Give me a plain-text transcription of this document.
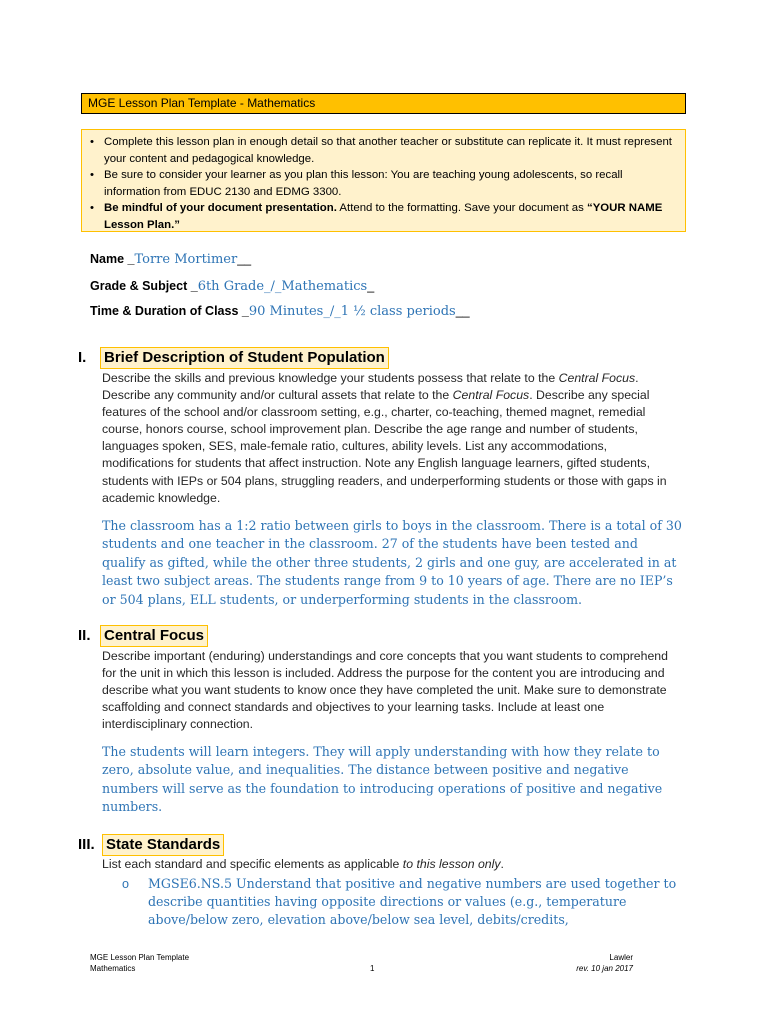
MGE Lesson Plan Template - Mathematics
• Complete this lesson plan in enough detail so that another teacher or substitute can replicate it. It must represent your content and pedagogical knowledge.
• Be sure to consider your learner as you plan this lesson: You are teaching young adolescents, so recall information from EDUC 2130 and EDMG 3300.
• Be mindful of your document presentation. Attend to the formatting. Save your document as “YOUR NAME Lesson Plan.”
Name _Torre Mortimer__
Grade & Subject _6th Grade_/_Mathematics_
Time & Duration of Class _90 Minutes_/_1 ½ class periods__
I. Brief Description of Student Population
Describe the skills and previous knowledge your students possess that relate to the Central Focus. Describe any community and/or cultural assets that relate to the Central Focus. Describe any special features of the school and/or classroom setting, e.g., charter, co-teaching, themed magnet, remedial course, honors course, school improvement plan. Describe the age range and number of students, languages spoken, SES, male-female ratio, cultures, ability levels. List any accommodations, modifications for students that affect instruction. Note any English language learners, gifted students, students with IEPs or 504 plans, struggling readers, and underperforming students or those with gaps in academic knowledge.
The classroom has a 1:2 ratio between girls to boys in the classroom. There is a total of 30 students and one teacher in the classroom. 27 of the students have been tested and qualify as gifted, while the other three students, 2 girls and one guy, are accelerated in at least two subject areas. The students range from 9 to 10 years of age. There are no IEP’s or 504 plans, ELL students, or underperforming students in the classroom.
II. Central Focus
Describe important (enduring) understandings and core concepts that you want students to comprehend for the unit in which this lesson is included. Address the purpose for the content you are introducing and describe what you want students to know once they have completed the unit. Make sure to demonstrate scaffolding and connect standards and objectives to your learning tasks. Include at least one interdisciplinary connection.
The students will learn integers. They will apply understanding with how they relate to zero, absolute value, and inequalities. The distance between positive and negative numbers will serve as the foundation to introducing operations of positive and negative numbers.
III. State Standards
List each standard and specific elements as applicable to this lesson only.
o	MGSE6.NS.5 Understand that positive and negative numbers are used together to describe quantities having opposite directions or values (e.g., temperature above/below zero, elevation above/below sea level, debits/credits,
MGE Lesson Plan Template
Mathematics	1
Lawler
rev. 10 jan 2017
